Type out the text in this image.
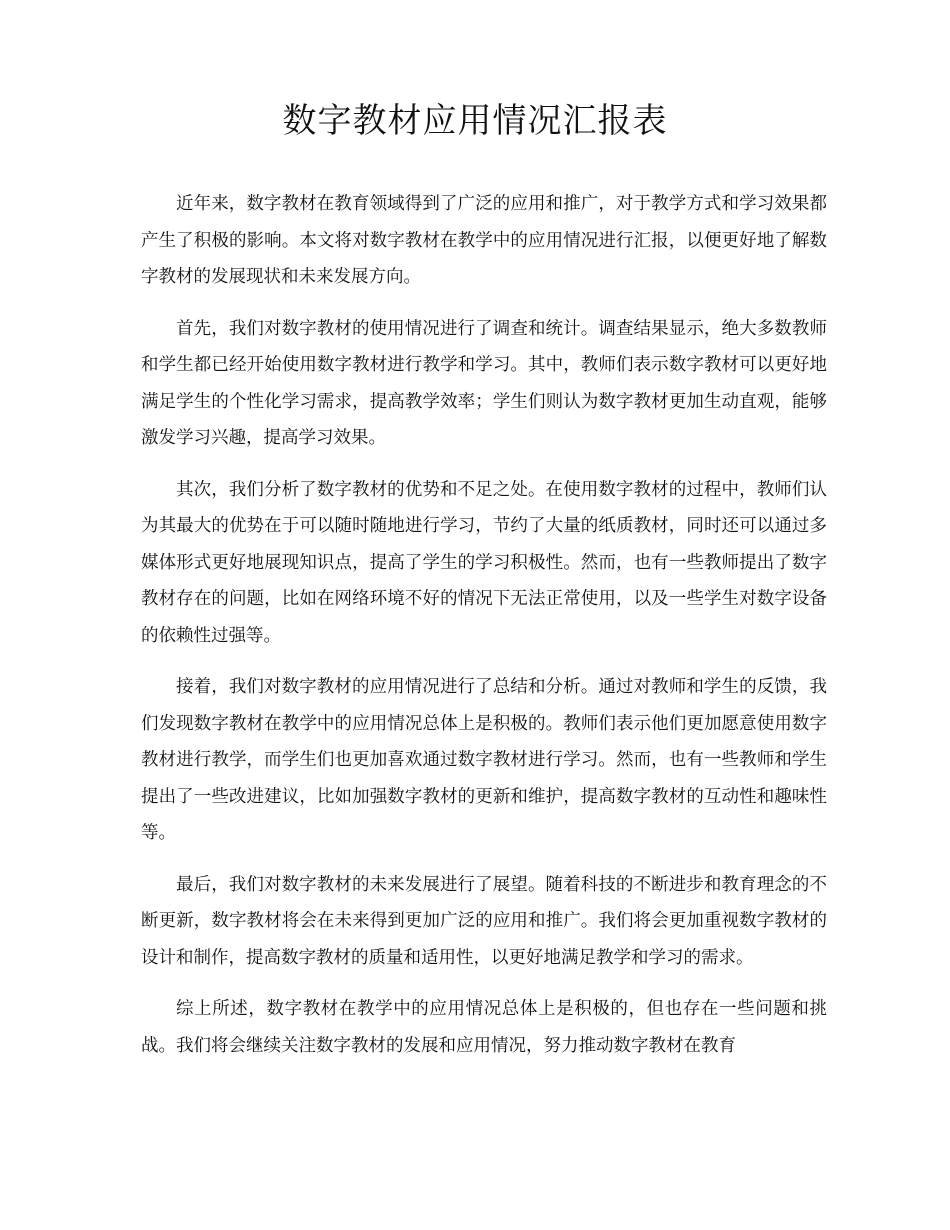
数字教材应用情况汇报表

近年来，数字教材在教育领域得到了广泛的应用和推广，对于教学方式和学习效果都产生了积极的影响。本文将对数字教材在教学中的应用情况进行汇报，以便更好地了解数字教材的发展现状和未来发展方向。

首先，我们对数字教材的使用情况进行了调查和统计。调查结果显示，绝大多数教师和学生都已经开始使用数字教材进行教学和学习。其中，教师们表示数字教材可以更好地满足学生的个性化学习需求，提高教学效率；学生们则认为数字教材更加生动直观，能够激发学习兴趣，提高学习效果。

其次，我们分析了数字教材的优势和不足之处。在使用数字教材的过程中，教师们认为其最大的优势在于可以随时随地进行学习，节约了大量的纸质教材，同时还可以通过多媒体形式更好地展现知识点，提高了学生的学习积极性。然而，也有一些教师提出了数字教材存在的问题，比如在网络环境不好的情况下无法正常使用，以及一些学生对数字设备的依赖性过强等。

接着，我们对数字教材的应用情况进行了总结和分析。通过对教师和学生的反馈，我们发现数字教材在教学中的应用情况总体上是积极的。教师们表示他们更加愿意使用数字教材进行教学，而学生们也更加喜欢通过数字教材进行学习。然而，也有一些教师和学生提出了一些改进建议，比如加强数字教材的更新和维护，提高数字教材的互动性和趣味性等。

最后，我们对数字教材的未来发展进行了展望。随着科技的不断进步和教育理念的不断更新，数字教材将会在未来得到更加广泛的应用和推广。我们将会更加重视数字教材的设计和制作，提高数字教材的质量和适用性，以更好地满足教学和学习的需求。

综上所述，数字教材在教学中的应用情况总体上是积极的，但也存在一些问题和挑战。我们将会继续关注数字教材的发展和应用情况，努力推动数字教材在教育
